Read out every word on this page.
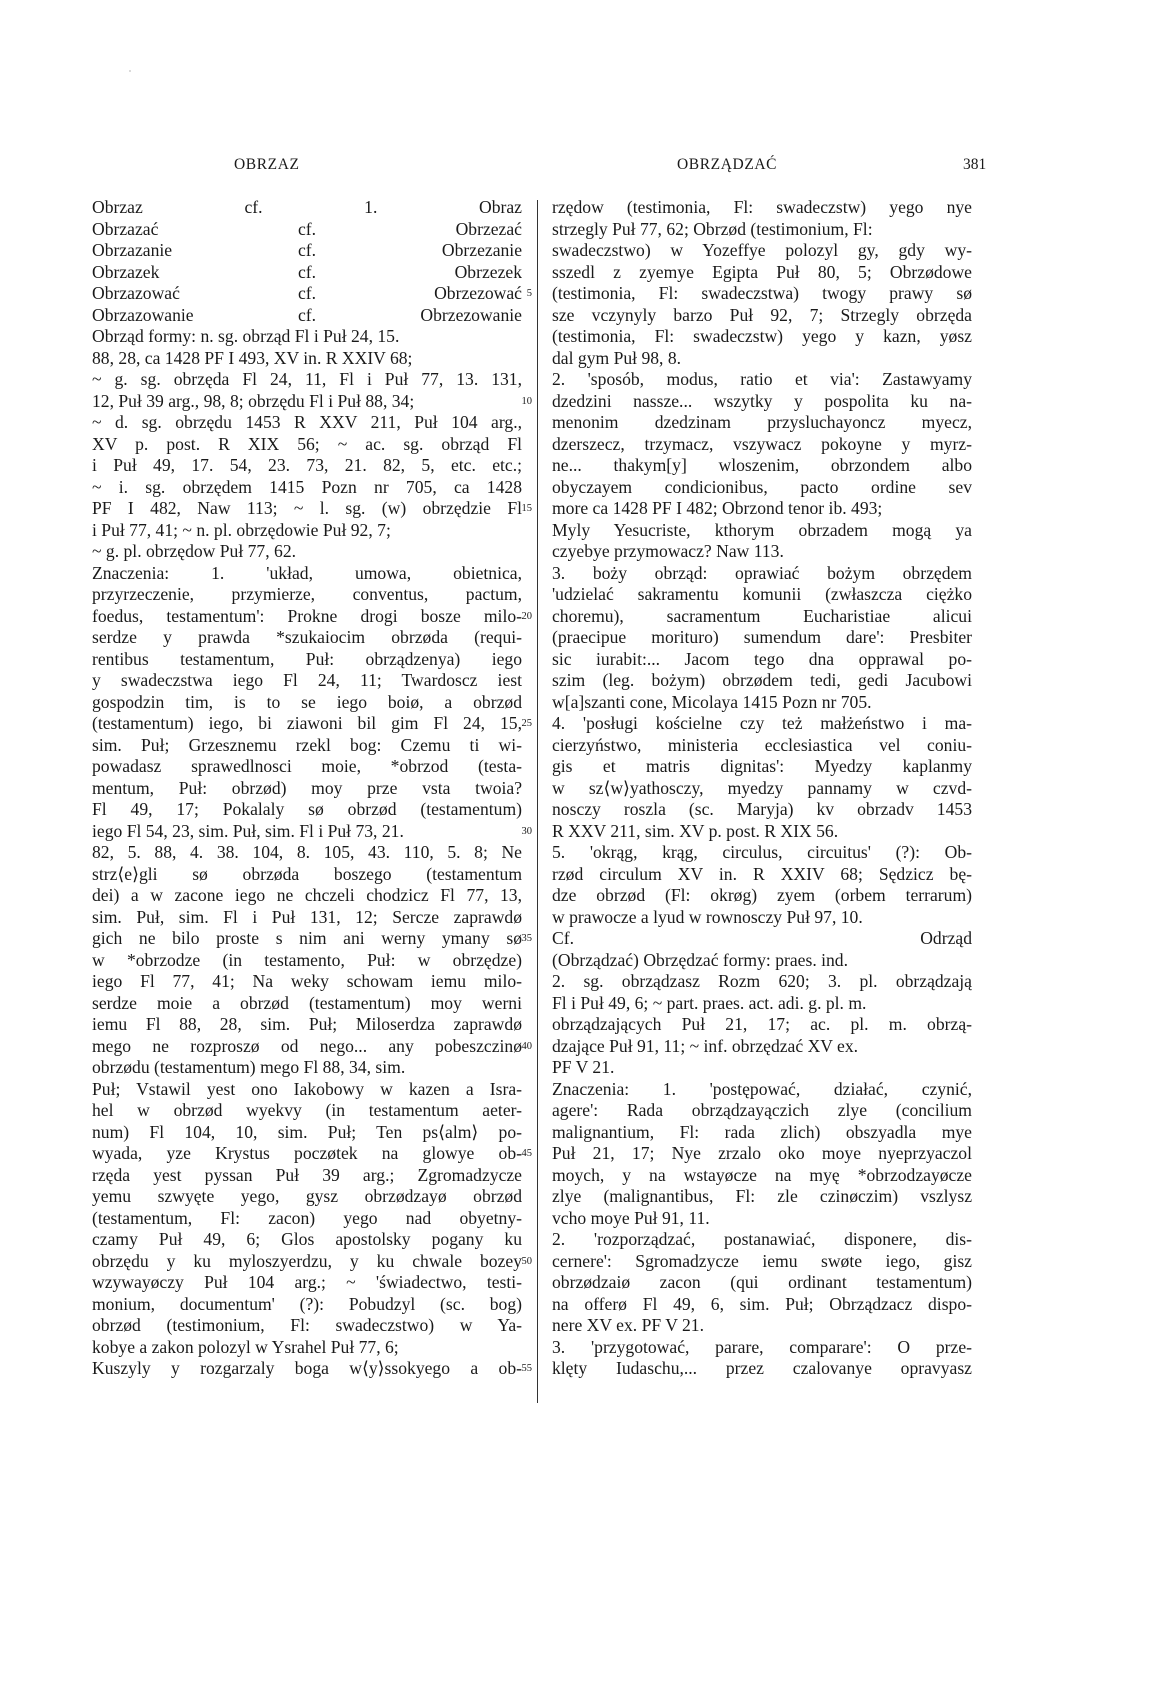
OBRZAZ	OBRZĄDZAĆ	381
Obrzaz cf. 1. Obraz
Obrzazać cf. Obrzezać
Obrzazanie cf. Obrzezanie
Obrzazek cf. Obrzezek
Obrzazować cf. Obrzezować
Obrzazowanie cf. Obrzezowanie
Obrząd formy: n. sg. obrząd Fl i Puł 24, 15.
88, 28, ca 1428 PF I 493, XV in. R XXIV 68;
~ g. sg. obrzęda Fl 24, 11, Fl i Puł 77, 13. 131,
12, Puł 39 arg., 98, 8; obrzędu Fl i Puł 88, 34;
~ d. sg. obrzędu 1453 R XXV 211, Puł 104 arg.,
XV p. post. R XIX 56; ~ ac. sg. obrząd Fl
i Puł 49, 17. 54, 23. 73, 21. 82, 5, etc. etc.;
~ i. sg. obrzędem 1415 Pozn nr 705, ca 1428
PF I 482, Naw 113; ~ l. sg. (w) obrzędzie Fl
i Puł 77, 41; ~ n. pl. obrzędowie Puł 92, 7;
~ g. pl. obrzędow Puł 77, 62.
Znaczenia: 1. 'układ, umowa, obietnica,
przyrzeczenie, przymierze, conventus, pactum,
foedus, testamentum': Prokne drogi bosze milo-
serdze y prawda *szukaiocim obrzøda (requi-
rentibus testamentum, Puł: obrządzenya) iego
y swadeczstwa iego Fl 24, 11; Twardoscz iest
gospodzin tim, is to se iego boiø, a obrzød
(testamentum) iego, bi ziawoni bil gim Fl 24, 15,
sim. Puł; Grzesznemu rzekl bog: Czemu ti wi-
powadasz sprawedlnosci moie, *obrzod (testa-
mentum, Puł: obrzød) moy prze vsta twoia?
Fl 49, 17; Pokalaly sø obrzød (testamentum)
iego Fl 54, 23, sim. Puł, sim. Fl i Puł 73, 21.
82, 5. 88, 4. 38. 104, 8. 105, 43. 110, 5. 8; Ne
strz⟨e⟩gli sø obrzøda boszego (testamentum
dei) a w zacone iego ne chczeli chodzicz Fl 77, 13,
sim. Puł, sim. Fl i Puł 131, 12; Sercze zaprawdø
gich ne bilo proste s nim ani werny ymany sø
w *obrzodze (in testamento, Puł: w obrzędze)
iego Fl 77, 41; Na weky schowam iemu milo-
serdze moie a obrzød (testamentum) moy werni
iemu Fl 88, 28, sim. Puł; Miloserdza zaprawdø
mego ne rozproszø od nego... any pobeszczinø
obrzødu (testamentum) mego Fl 88, 34, sim.
Puł; Vstawil yest ono Iakobowy w kazen a Isra-
hel w obrzød wyekvy (in testamentum aeter-
num) Fl 104, 10, sim. Puł; Ten ps⟨alm⟩ po-
wyada, yze Krystus poczøtek na glowye ob-
rzęda yest pyssan Puł 39 arg.; Zgromadzycze
yemu szwyęte yego, gysz obrzødzayø obrzød
(testamentum, Fl: zacon) yego nad obyetny-
czamy Puł 49, 6; Glos apostolsky pogany ku
obrzędu y ku myloszyerdzu, y ku chwale bozey
wzywayøczy Puł 104 arg.; ~ 'świadectwo, testi-
monium, documentum' (?): Pobudzyl (sc. bog)
obrzød (testimonium, Fl: swadeczstwo) w Ya-
kobye a zakon polozyl w Ysrahel Puł 77, 6;
Kuszyly y rozgarzaly boga w⟨y⟩ssokyego a ob-
5
10
15
20
25
30
35
40
45
50
55
rzędow (testimonia, Fl: swadeczstw) yego nye
strzegly Puł 77, 62; Obrzød (testimonium, Fl:
swadeczstwo) w Yozeffye polozyl gy, gdy wy-
sszedl z zyemye Egipta Puł 80, 5; Obrzødowe
(testimonia, Fl: swadeczstwa) twogy prawy sø
sze vczynyly barzo Puł 92, 7; Strzegly obrzęda
(testimonia, Fl: swadeczstw) yego y kazn, yøsz
dal gym Puł 98, 8.
2. 'sposób, modus, ratio et via': Zastawyamy
dzedzini nassze... wszytky y pospolita ku na-
menonim dzedzinam przysluchayoncz myecz,
dzerszecz, trzymacz, vszywacz pokoyne y myrz-
ne... thakym[y] wloszenim, obrzondem albo
obyczayem condicionibus, pacto ordine sev
more ca 1428 PF I 482; Obrzond tenor ib. 493;
Myly Yesucriste, kthorym obrzadem mogą ya
czyebye przymowacz? Naw 113.
3. boży obrząd: oprawiać bożym obrzędem
'udzielać sakramentu komunii (zwłaszcza ciężko
choremu), sacramentum Eucharistiae alicui
(praecipue morituro) sumendum dare': Presbiter
sic iurabit:... Jacom tego dna opprawal po-
szim (leg. bożym) obrzødem tedi, gedi Jacubowi
w[a]szanti cone, Micolaya 1415 Pozn nr 705.
4. 'posługi kościelne czy też małżeństwo i ma-
cierzyństwo, ministeria ecclesiastica vel coniu-
gis et matris dignitas': Myedzy kaplanmy
w sz⟨w⟩yathosczy, myedzy pannamy w czvd-
nosczy roszla (sc. Maryja) kv obrzadv 1453
R XXV 211, sim. XV p. post. R XIX 56.
5. 'okrąg, krąg, circulus, circuitus' (?): Ob-
rzød circulum XV in. R XXIV 68; Sędzicz bę-
dze obrzød (Fl: okrøg) zyem (orbem terrarum)
w prawocze a lyud w rownosczy Puł 97, 10.
Cf. Odrząd
(Obrządzać) Obrzędzać formy: praes. ind.
2. sg. obrządzasz Rozm 620; 3. pl. obrządzają
Fl i Puł 49, 6; ~ part. praes. act. adi. g. pl. m.
obrządzających Puł 21, 17; ac. pl. m. obrzą-
dzające Puł 91, 11; ~ inf. obrzędzać XV ex.
PF V 21.
Znaczenia: 1. 'postępować, działać, czynić,
agere': Rada obrządzayączich zlye (concilium
malignantium, Fl: rada zlich) obszyadla mye
Puł 21, 17; Nye zrzalo oko moye nyeprzyaczol
moych, y na wstayøcze na myę *obrzodzayøcze
zlye (malignantibus, Fl: zle czinøczim) vszlysz
vcho moye Puł 91, 11.
2. 'rozporządzać, postanawiać, disponere, dis-
cernere': Sgromadzycze iemu swøte iego, gisz
obrzødzaiø zacon (qui ordinant testamentum)
na offerø Fl 49, 6, sim. Puł; Obrządzacz dispo-
nere XV ex. PF V 21.
3. 'przygotować, parare, comparare': O prze-
klęty Iudaschu,... przez czalovanye opravyasz
